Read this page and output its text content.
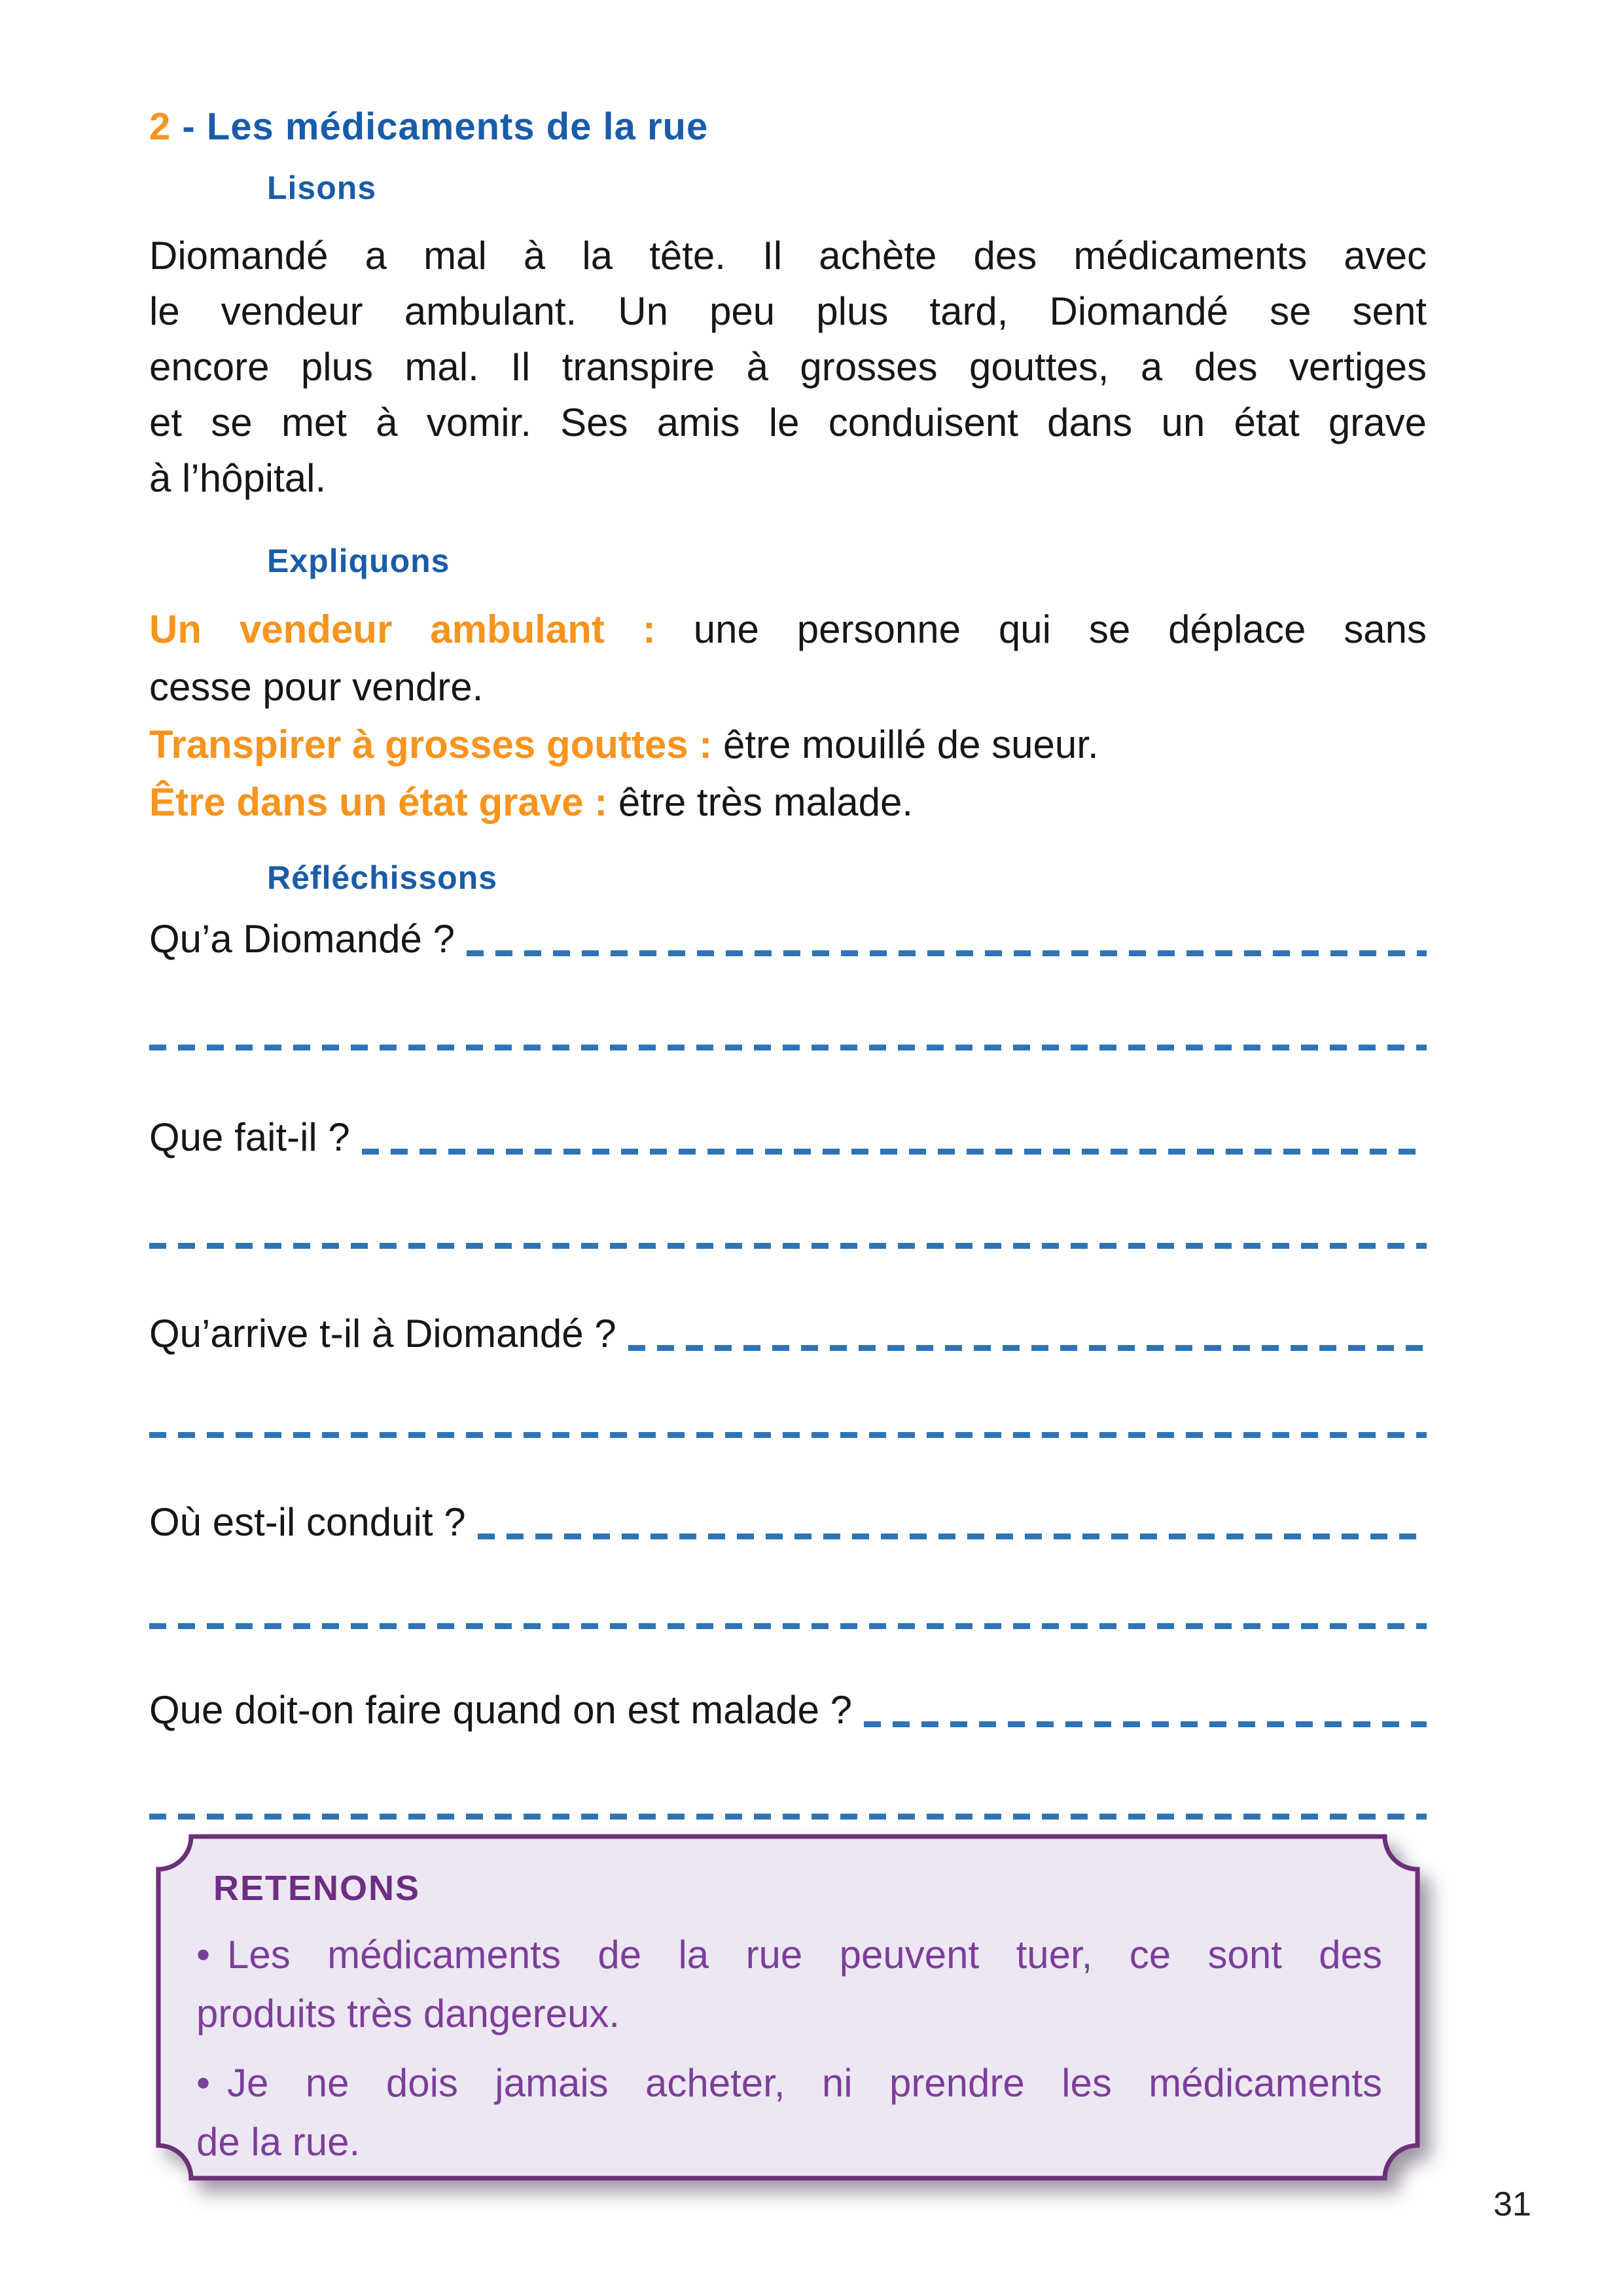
2 - Les médicaments de la rue
Lisons
Diomandé a mal à la tête. Il achète des médicaments avec
le vendeur ambulant. Un peu plus tard, Diomandé se sent
encore plus mal. Il transpire à grosses gouttes, a des vertiges
et se met à vomir. Ses amis le conduisent dans un état grave
à l’hôpital.
Expliquons
Un vendeur ambulant : une personne qui se déplace sans
cesse pour vendre.
Transpirer à grosses gouttes : être mouillé de sueur.
Être dans un état grave : être très malade.
Réfléchissons
Qu’a Diomandé ?
Que fait-il ?
Qu’arrive t-il à Diomandé ?
Où est-il conduit ?
Que doit-on faire quand on est malade ?
RETENONS
• Les médicaments de la rue peuvent tuer, ce sont des
produits très dangereux.
• Je ne dois jamais acheter, ni prendre les médicaments
de la rue.
31
